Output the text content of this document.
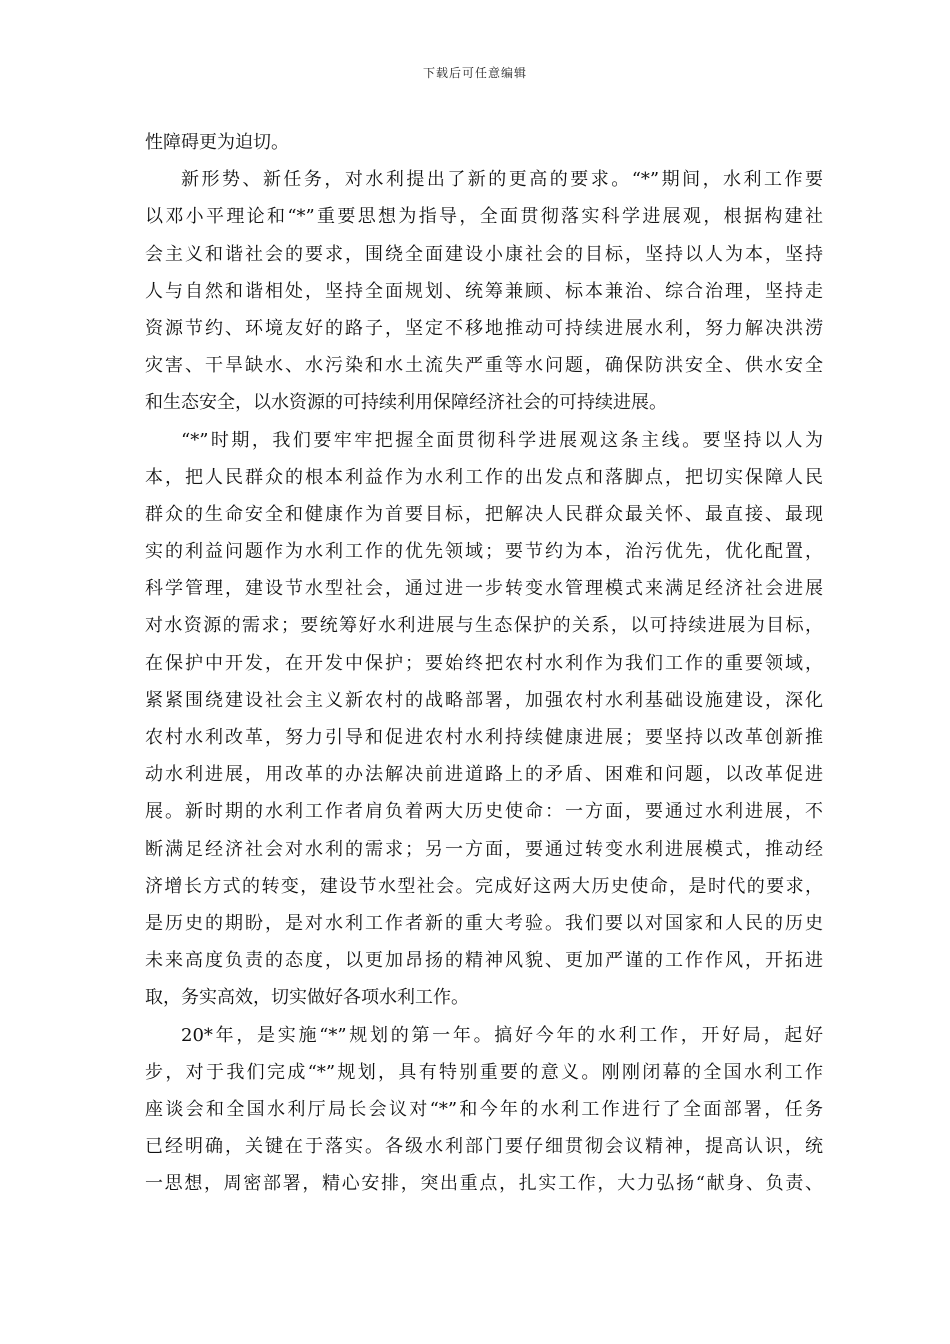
下载后可任意编辑
性障碍更为迫切。
新形势、新任务，对水利提出了新的更高的要求。“*”期间，水利工作要
以邓小平理论和“*”重要思想为指导，全面贯彻落实科学进展观，根据构建社
会主义和谐社会的要求，围绕全面建设小康社会的目标，坚持以人为本，坚持
人与自然和谐相处，坚持全面规划、统筹兼顾、标本兼治、综合治理，坚持走
资源节约、环境友好的路子，坚定不移地推动可持续进展水利，努力解决洪涝
灾害、干旱缺水、水污染和水土流失严重等水问题，确保防洪安全、供水安全
和生态安全，以水资源的可持续利用保障经济社会的可持续进展。
“*”时期，我们要牢牢把握全面贯彻科学进展观这条主线。要坚持以人为
本，把人民群众的根本利益作为水利工作的出发点和落脚点，把切实保障人民
群众的生命安全和健康作为首要目标，把解决人民群众最关怀、最直接、最现
实的利益问题作为水利工作的优先领域；要节约为本，治污优先，优化配置，
科学管理，建设节水型社会，通过进一步转变水管理模式来满足经济社会进展
对水资源的需求；要统筹好水利进展与生态保护的关系，以可持续进展为目标，
在保护中开发，在开发中保护；要始终把农村水利作为我们工作的重要领域，
紧紧围绕建设社会主义新农村的战略部署，加强农村水利基础设施建设，深化
农村水利改革，努力引导和促进农村水利持续健康进展；要坚持以改革创新推
动水利进展，用改革的办法解决前进道路上的矛盾、困难和问题，以改革促进
展。新时期的水利工作者肩负着两大历史使命：一方面，要通过水利进展，不
断满足经济社会对水利的需求；另一方面，要通过转变水利进展模式，推动经
济增长方式的转变，建设节水型社会。完成好这两大历史使命，是时代的要求，
是历史的期盼，是对水利工作者新的重大考验。我们要以对国家和人民的历史
未来高度负责的态度，以更加昂扬的精神风貌、更加严谨的工作作风，开拓进
取，务实高效，切实做好各项水利工作。
20*年，是实施“*”规划的第一年。搞好今年的水利工作，开好局，起好
步，对于我们完成“*”规划，具有特别重要的意义。刚刚闭幕的全国水利工作
座谈会和全国水利厅局长会议对“*”和今年的水利工作进行了全面部署，任务
已经明确，关键在于落实。各级水利部门要仔细贯彻会议精神，提高认识，统
一思想，周密部署，精心安排，突出重点，扎实工作，大力弘扬“献身、负责、
